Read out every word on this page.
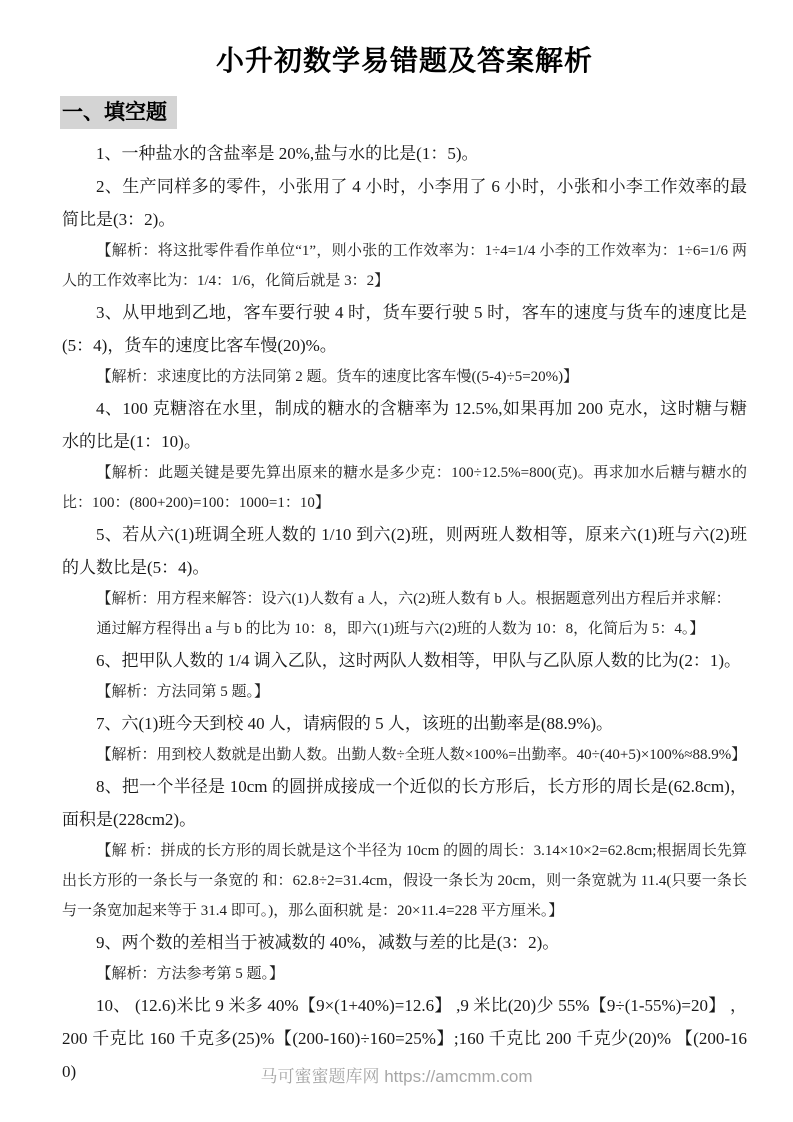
小升初数学易错题及答案解析
一、填空题

1、一种盐水的含盐率是 20%,盐与水的比是(1：5)。

2、生产同样多的零件，小张用了 4 小时，小李用了 6 小时，小张和小李工作效率的最简比是(3：2)。

【解析：将这批零件看作单位“1”，则小张的工作效率为：1÷4=1/4 小李的工作效率为：1÷6=1/6 两人的工作效率比为：1/4：1/6，化简后就是 3：2】

3、从甲地到乙地，客车要行驶 4 时，货车要行驶 5 时，客车的速度与货车的速度比是(5：4)，货车的速度比客车慢(20)%。

【解析：求速度比的方法同第 2 题。货车的速度比客车慢((5-4)÷5=20%)】

4、100 克糖溶在水里，制成的糖水的含糖率为 12.5%,如果再加 200 克水，这时糖与糖水的比是(1：10)。

【解析：此题关键是要先算出原来的糖水是多少克：100÷12.5%=800(克)。再求加水后糖与糖水的比：100：(800+200)=100：1000=1：10】

5、若从六(1)班调全班人数的 1/10 到六(2)班，则两班人数相等，原来六(1)班与六(2)班的人数比是(5：4)。

【解析：用方程来解答：设六(1)人数有 a 人，六(2)班人数有 b 人。根据题意列出方程后并求解：

通过解方程得出 a 与 b 的比为 10：8，即六(1)班与六(2)班的人数为 10：8，化简后为 5：4。】

6、把甲队人数的 1/4 调入乙队，这时两队人数相等，甲队与乙队原人数的比为(2：1)。

【解析：方法同第 5 题。】

7、六(1)班今天到校 40 人，请病假的 5 人，该班的出勤率是(88.9%)。

【解析：用到校人数就是出勤人数。出勤人数÷全班人数×100%=出勤率。40÷(40+5)×100%≈88.9%】

8、把一个半径是 10cm 的圆拼成接成一个近似的长方形后，长方形的周长是(62.8cm)，面积是(228cm2)。

【解 析：拼成的长方形的周长就是这个半径为 10cm 的圆的周长：3.14×10×2=62.8cm;根据周长先算出长方形的一条长与一条宽的 和：62.8÷2=31.4cm，假设一条长为 20cm，则一条宽就为 11.4(只要一条长与一条宽加起来等于 31.4 即可。)，那么面积就 是：20×11.4=228 平方厘米。】

9、两个数的差相当于被减数的 40%，减数与差的比是(3：2)。

【解析：方法参考第 5 题。】

10、 (12.6)米比 9 米多 40%【9×(1+40%)=12.6】 ,9 米比(20)少 55%【9÷(1-55%)=20】 ，200 千克比 160 千克多(25)%【(200-160)÷160=25%】;160 千克比 200 千克少(20)% 【(200-160)	马可蜜蜜题库网 https://amcmm.com
